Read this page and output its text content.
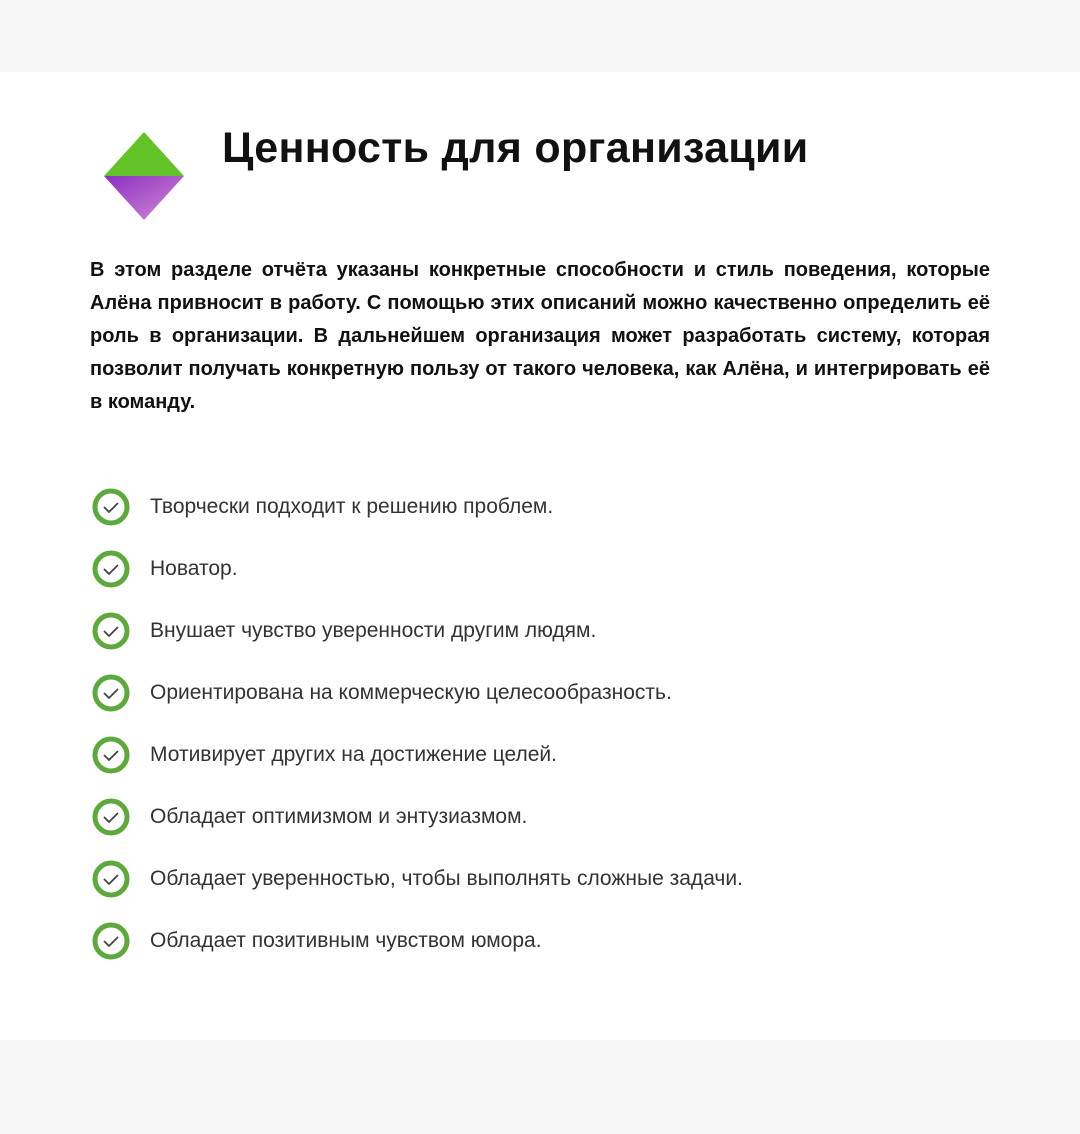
Ценность для организации

В этом разделе отчёта указаны конкретные способности и стиль поведения, которые Алёна привносит в работу. С помощью этих описаний можно качественно определить её роль в организации. В дальнейшем организация может разработать систему, которая позволит получать конкретную пользу от такого человека, как Алёна, и интегрировать её в команду.

Творчески подходит к решению проблем.
Новатор.
Внушает чувство уверенности другим людям.
Ориентирована на коммерческую целесообразность.
Мотивирует других на достижение целей.
Обладает оптимизмом и энтузиазмом.
Обладает уверенностью, чтобы выполнять сложные задачи.
Обладает позитивным чувством юмора.
